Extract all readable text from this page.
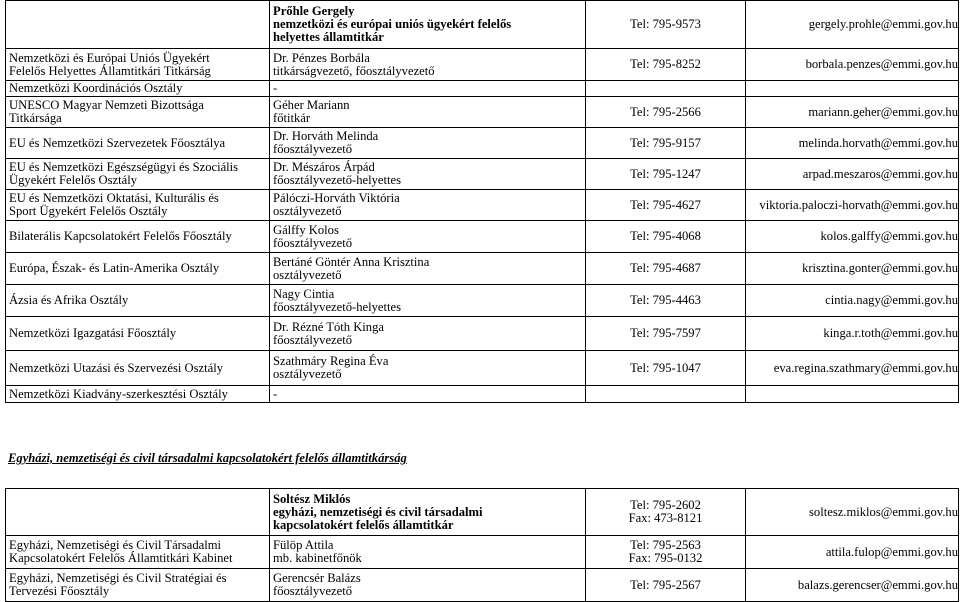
	Prőhle Gergely
nemzetközi és európai uniós ügyekért felelős
helyettes államtitkár	Tel: 795-9573	gergely.prohle@emmi.gov.hu

Nemzetközi és Európai Uniós Ügyekért
Felelős Helyettes Államtitkári Titkárság	Dr. Pénzes Borbála
titkárságvezető, főosztályvezető	Tel: 795-8252	borbala.penzes@emmi.gov.hu

Nemzetközi Koordinációs Osztály	-		

UNESCO Magyar Nemzeti Bizottsága
Titkársága	Géher Mariann
főtitkár	Tel: 795-2566	mariann.geher@emmi.gov.hu

EU és Nemzetközi Szervezetek Főosztálya	Dr. Horváth Melinda
főosztályvezető	Tel: 795-9157	melinda.horvath@emmi.gov.hu

EU és Nemzetközi Egészségügyi és Szociális
Ügyekért Felelős Osztály	Dr. Mészáros Árpád
főosztályvezető-helyettes	Tel: 795-1247	arpad.meszaros@emmi.gov.hu

EU és Nemzetközi Oktatási, Kulturális és
Sport Ügyekért Felelős Osztály	Pálóczi-Horváth Viktória
osztályvezető	Tel: 795-4627	viktoria.paloczi-horvath@emmi.gov.hu

Bilaterális Kapcsolatokért Felelős Főosztály	Gálffy Kolos
főosztályvezető	Tel: 795-4068	kolos.galffy@emmi.gov.hu

Európa, Észak- és Latin-Amerika Osztály	Bertáné Göntér Anna Krisztina
osztályvezető	Tel: 795-4687	krisztina.gonter@emmi.gov.hu

Ázsia és Afrika Osztály	Nagy Cintia
főosztályvezető-helyettes	Tel: 795-4463	cintia.nagy@emmi.gov.hu

Nemzetközi Igazgatási Főosztály	Dr. Rézné Tóth Kinga
főosztályvezető	Tel: 795-7597	kinga.r.toth@emmi.gov.hu

Nemzetközi Utazási és Szervezési Osztály	Szathmáry Regina Éva
osztályvezető	Tel: 795-1047	eva.regina.szathmary@emmi.gov.hu

Nemzetközi Kiadvány-szerkesztési Osztály	-		

Egyházi, nemzetiségi és civil társadalmi kapcsolatokért felelős államtitkárság

	Soltész Miklós
egyházi, nemzetiségi és civil társadalmi
kapcsolatokért felelős államtitkár	Tel: 795-2602
Fax: 473-8121	soltesz.miklos@emmi.gov.hu

Egyházi, Nemzetiségi és Civil Társadalmi
Kapcsolatokért Felelős Államtitkári Kabinet	Fülöp Attila
mb. kabinetfőnök	Tel: 795-2563
Fax: 795-0132	attila.fulop@emmi.gov.hu

Egyházi, Nemzetiségi és Civil Stratégiai és
Tervezési Főosztály	Gerencsér Balázs
főosztályvezető	Tel: 795-2567	balazs.gerencser@emmi.gov.hu
